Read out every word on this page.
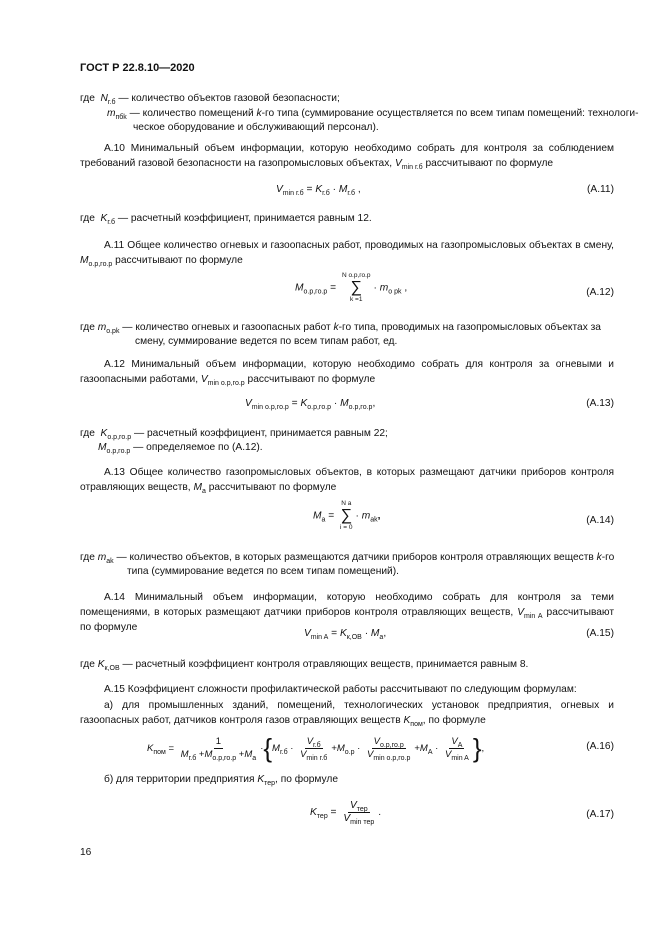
ГОСТ Р 22.8.10—2020
где $N_{г.б}$ — количество объектов газовой безопасности;
$m_{пбk}$ — количество помещений k-го типа (суммирование осуществляется по всем типам помещений: технологи-
ческое оборудование и обслуживающий персонал).
А.10 Минимальный объем информации, которую необходимо собрать для контроля за соблюдением требований газовой безопасности на газопромысловых объектах, $V_{min г.б}$ рассчитывают по формуле
$V_{min г.б} = K_{г.б} \cdot M_{г.б}$ ,	(А.11)
где $K_{г.б}$ — расчетный коэффициент, принимается равным 12.
А.11 Общее количество огневых и газоопасных работ, проводимых на газопромысловых объектах в смену, $M_{о.р,го.р}$ рассчитывают по формуле
$M_{о.р,го.р}$ =
N о.р,го.р
∑
k =1
· $m_{о рk}$ ,	(А.12)
где $m_{о.рk}$ — количество огневых и газоопасных работ k-го типа, проводимых на газопромысловых объектах за
смену, суммирование ведется по всем типам работ, ед.
А.12 Минимальный объем информации, которую необходимо собрать для контроля за огневыми и газоопасными работами, $V_{min о.р,го.р}$ рассчитывают по формуле
$V_{min о.р,го.р} = K_{о.р,го.р} \cdot M_{о.р,го.р}$,	(А.13)
где $K_{о.р,го.р}$ — расчетный коэффициент, принимается равным 22;
$M_{о.р,го.р}$ — определяемое по (А.12).
А.13 Общее количество газопромысловых объектов, в которых размещают датчики приборов контроля отравляющих веществ, $M_a$ рассчитывают по формуле
$M_a$ =
N a
∑
i = 0
· $m_{ak}$,	(А.14)
где $m_{ak}$ — количество объектов, в которых размещаются датчики приборов контроля отравляющих веществ k-го
типа (суммирование ведется по всем типам помещений).
А.14 Минимальный объем информации, которую необходимо собрать для контроля за теми помещениями, в которых размещают датчики приборов контроля отравляющих веществ, $V_{min A}$ рассчитывают по формуле
$V_{min A} = K_{к,ОВ} \cdot M_a$,	(А.15)
где $K_{к,ОВ}$ — расчетный коэффициент контроля отравляющих веществ, принимается равным 8.
А.15 Коэффициент сложности профилактической работы рассчитывают по следующим формулам:
а) для промышленных зданий, помещений, технологических установок предприятия, огневых и газоопасных работ, датчиков контроля газов отравляющих веществ $K_{пом}$, по формуле
$K_{пом} = \frac{1}{M_{г.б} +M_{о.р,го.р} +M_a} \cdot\{M_{г.б} \cdot \frac{V_{г.б}}{V_{min г.б}} +M_{о.р} \cdot \frac{V_{о.р,го.р}}{V_{min о.р,го.р}} +M_A \cdot \frac{V_A}{V_{min A}}$ },	(А.16)
б) для территории предприятия $K_{тер}$, по формуле
$K_{тер} = \frac{V_{тер}}{V_{min тер}}$ .	(А.17)
16
